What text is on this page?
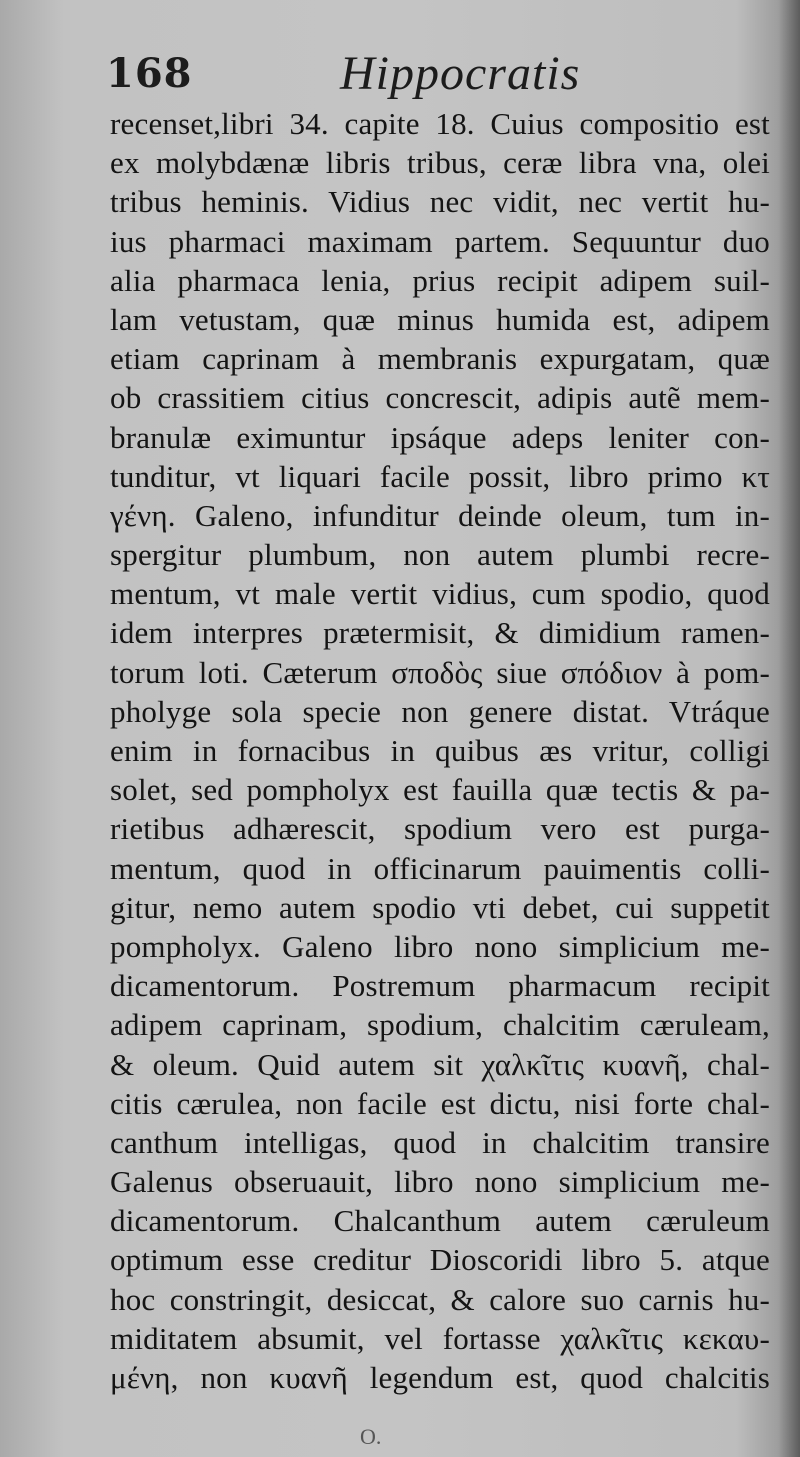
168	Hippocratis
recenset,libri 34. capite 18. Cuius compositio est
ex molybdænæ libris tribus, ceræ libra vna, olei
tribus heminis. Vidius nec vidit, nec vertit hu-
ius pharmaci maximam partem. Sequuntur duo
alia pharmaca lenia, prius recipit adipem suil-
lam vetustam, quæ minus humida est, adipem
etiam caprinam à membranis expurgatam, quæ
ob crassitiem citius concrescit, adipis autẽ mem-
branulæ eximuntur ipsáque adeps leniter con-
tunditur, vt liquari facile possit, libro primo κτ
γένη. Galeno, infunditur deinde oleum, tum in-
spergitur plumbum, non autem plumbi recre-
mentum, vt male vertit vidius, cum spodio, quod
idem interpres prætermisit, & dimidium ramen-
torum loti. Cæterum σποδὸς siue σπόδιον à pom-
pholyge sola specie non genere distat. Vtráque
enim in fornacibus in quibus æs vritur, colligi
solet, sed pompholyx est fauilla quæ tectis & pa-
rietibus adhærescit, spodium vero est purga-
mentum, quod in officinarum pauimentis colli-
gitur, nemo autem spodio vti debet, cui suppetit
pompholyx. Galeno libro nono simplicium me-
dicamentorum. Postremum pharmacum recipit
adipem caprinam, spodium, chalcitim cæruleam,
& oleum. Quid autem sit χαλκῖτις κυανῆ, chal-
citis cærulea, non facile est dictu, nisi forte chal-
canthum intelligas, quod in chalcitim transire
Galenus obseruauit, libro nono simplicium me-
dicamentorum. Chalcanthum autem cæruleum
optimum esse creditur Dioscoridi libro 5. atque
hoc constringit, desiccat, & calore suo carnis hu-
miditatem absumit, vel fortasse χαλκῖτις κεκαυ-
μένη, non κυανῆ legendum est, quod chalcitis
O.
